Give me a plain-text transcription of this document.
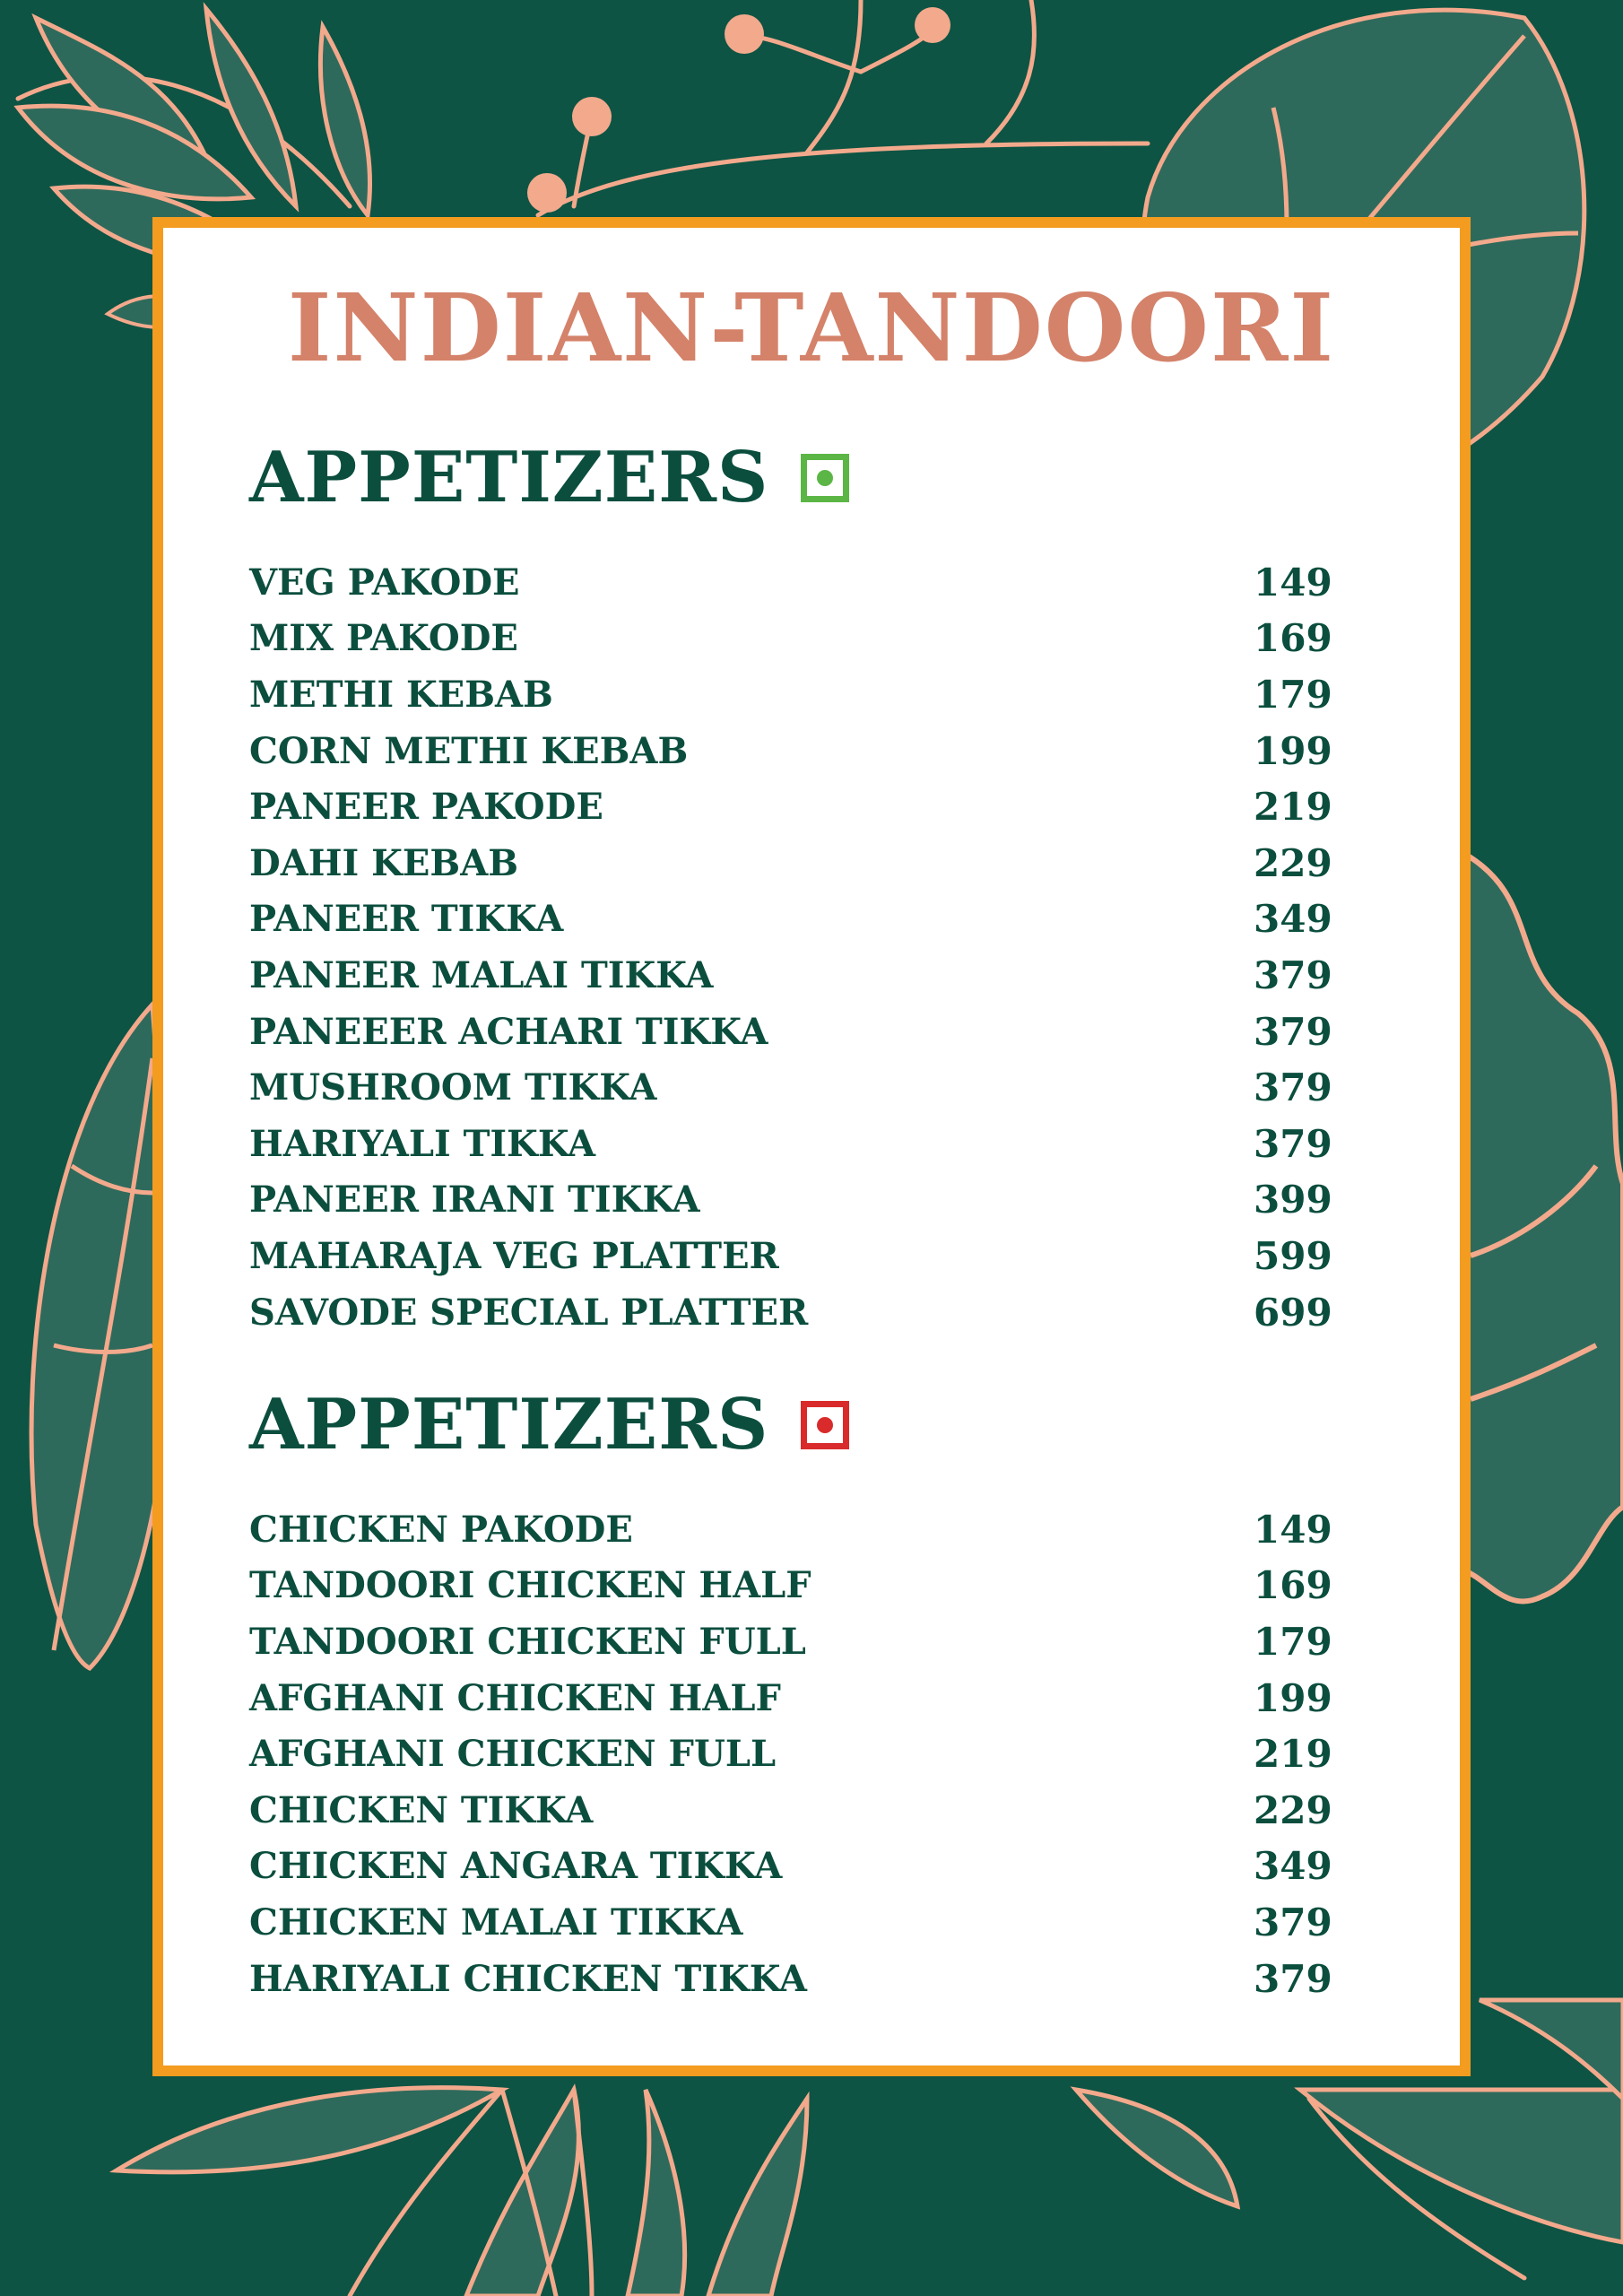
INDIAN-TANDOORI
APPETIZERS
VEG PAKODE	149
MIX PAKODE	169
METHI KEBAB	179
CORN METHI KEBAB	199
PANEER PAKODE	219
DAHI KEBAB	229
PANEER TIKKA	349
PANEER MALAI TIKKA	379
PANEEER ACHARI TIKKA	379
MUSHROOM TIKKA	379
HARIYALI TIKKA	379
PANEER IRANI TIKKA	399
MAHARAJA VEG PLATTER	599
SAVODE SPECIAL PLATTER	699
APPETIZERS
CHICKEN PAKODE	149
TANDOORI CHICKEN HALF	169
TANDOORI CHICKEN FULL	179
AFGHANI CHICKEN HALF	199
AFGHANI CHICKEN FULL	219
CHICKEN TIKKA	229
CHICKEN ANGARA TIKKA	349
CHICKEN MALAI TIKKA	379
HARIYALI CHICKEN TIKKA	379
